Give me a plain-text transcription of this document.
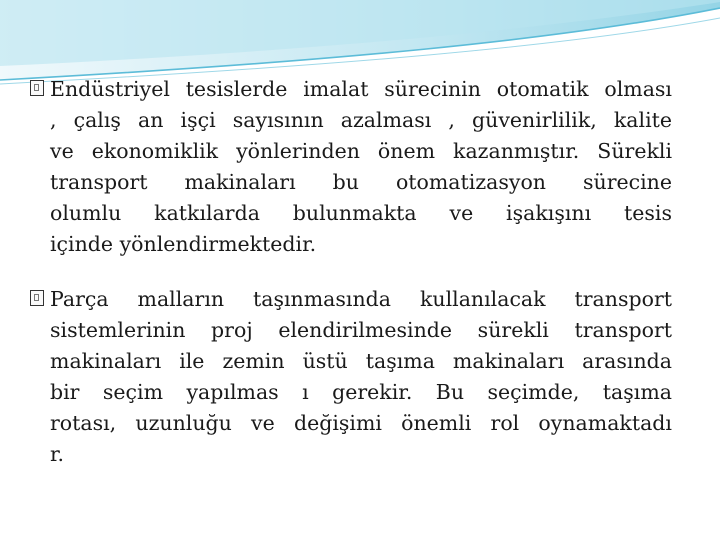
Endüstriyel tesislerde imalat sürecinin otomatik olması
, çalış an işçi sayısının azalması , güvenirlilik, kalite
ve ekonomiklik yönlerinden önem kazanmıştır. Sürekli
transport makinaları bu otomatizasyon sürecine
olumlu katkılarda bulunmakta ve işakışını tesis
içinde yönlendirmektedir.
Parça malların taşınmasında kullanılacak transport
sistemlerinin proj elendirilmesinde sürekli transport
makinaları ile zemin üstü taşıma makinaları arasında
bir seçim yapılmas ı gerekir. Bu seçimde, taşıma
rotası, uzunluğu ve değişimi önemli rol oynamaktadı
r.
